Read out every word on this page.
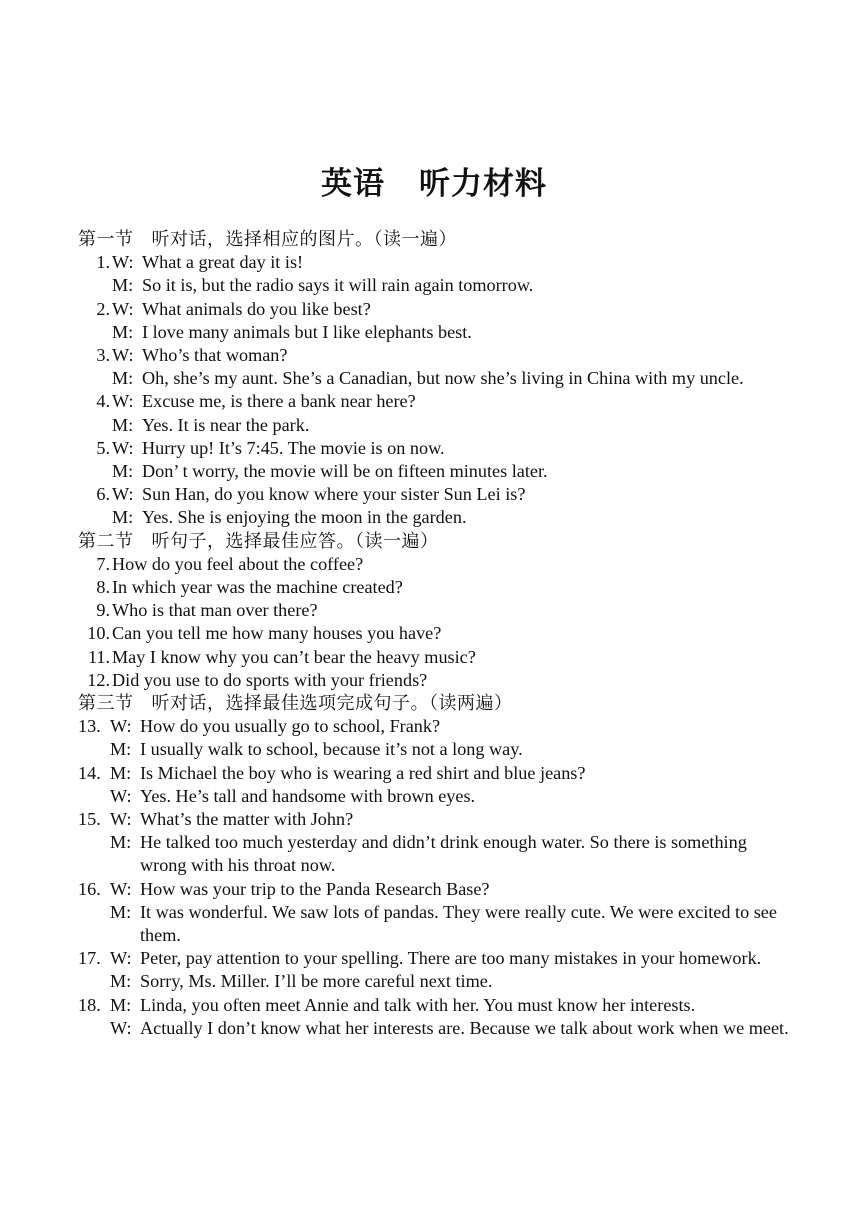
英语 听力材料
第一节 听对话，选择相应的图片。（读一遍）
1. W: What a great day it is!
M: So it is, but the radio says it will rain again tomorrow.
2. W: What animals do you like best?
M: I love many animals but I like elephants best.
3. W: Who’s that woman?
M: Oh, she’s my aunt. She’s a Canadian, but now she’s living in China with my uncle.
4. W: Excuse me, is there a bank near here?
M: Yes. It is near the park.
5. W: Hurry up! It’s 7:45. The movie is on now.
M: Don’ t worry, the movie will be on fifteen minutes later.
6. W: Sun Han, do you know where your sister Sun Lei is?
M: Yes. She is enjoying the moon in the garden.
第二节 听句子，选择最佳应答。（读一遍）
7. How do you feel about the coffee?
8. In which year was the machine created?
9. Who is that man over there?
10. Can you tell me how many houses you have?
11. May I know why you can’t bear the heavy music?
12. Did you use to do sports with your friends?
第三节 听对话，选择最佳选项完成句子。（读两遍）
13. W: How do you usually go to school, Frank?
M: I usually walk to school, because it’s not a long way.
14. M: Is Michael the boy who is wearing a red shirt and blue jeans?
W: Yes. He’s tall and handsome with brown eyes.
15. W: What’s the matter with John?
M: He talked too much yesterday and didn’t drink enough water. So there is something wrong with his throat now.
16. W: How was your trip to the Panda Research Base?
M: It was wonderful. We saw lots of pandas. They were really cute. We were excited to see them.
17. W: Peter, pay attention to your spelling. There are too many mistakes in your homework.
M: Sorry, Ms. Miller. I’ll be more careful next time.
18. M: Linda, you often meet Annie and talk with her. You must know her interests.
W: Actually I don’t know what her interests are. Because we talk about work when we meet.
